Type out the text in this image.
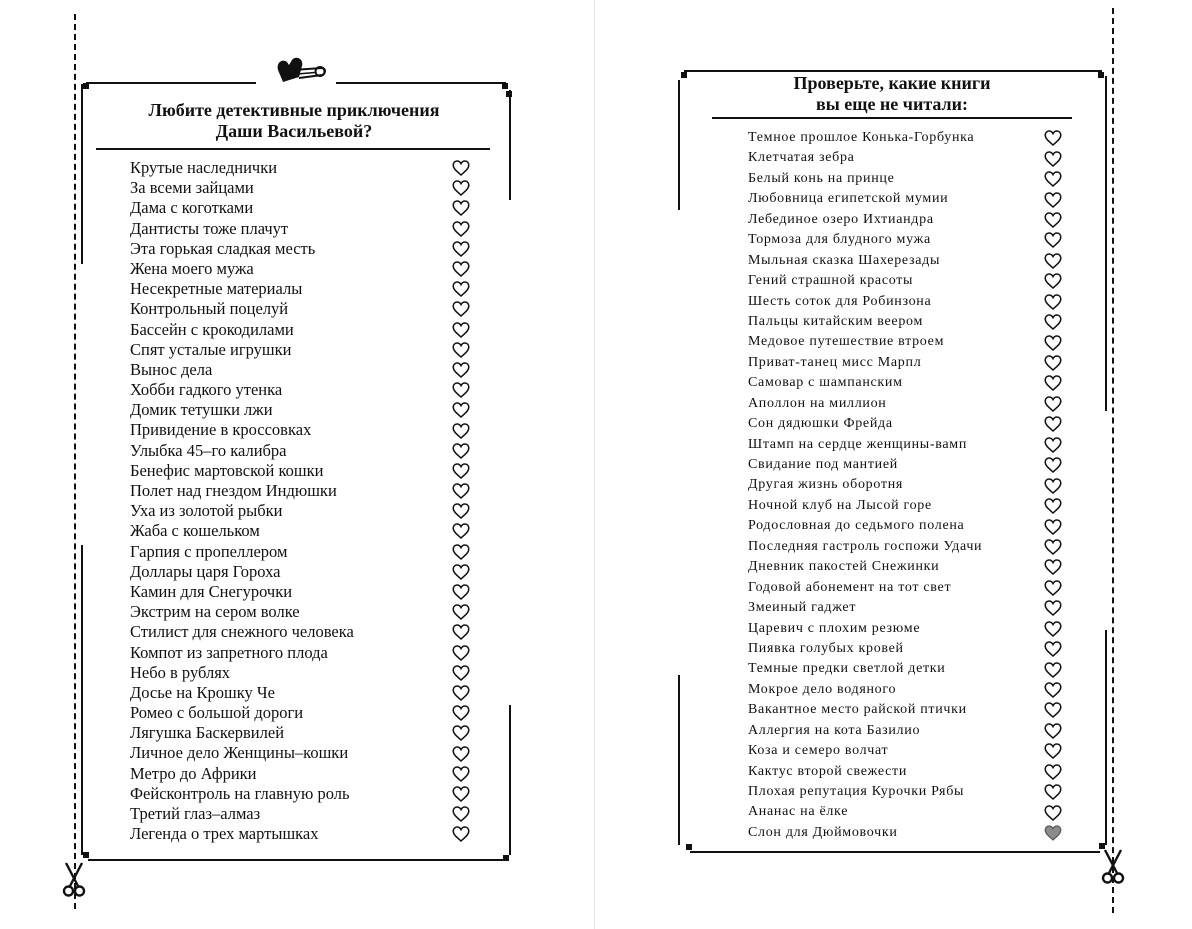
Любите детективные приключения
Даши Васильевой?
Крутые наследнички
За всеми зайцами
Дама с коготками
Дантисты тоже плачут
Эта горькая сладкая месть
Жена моего мужа
Несекретные материалы
Контрольный поцелуй
Бассейн с крокодилами
Спят усталые игрушки
Вынос дела
Хобби гадкого утенка
Домик тетушки лжи
Привидение в кроссовках
Улыбка 45–го калибра
Бенефис мартовской кошки
Полет над гнездом Индюшки
Уха из золотой рыбки
Жаба с кошельком
Гарпия с пропеллером
Доллары царя Гороха
Камин для Снегурочки
Экстрим на сером волке
Стилист для снежного человека
Компот из запретного плода
Небо в рублях
Досье на Крошку Че
Ромео с большой дороги
Лягушка Баскервилей
Личное дело Женщины–кошки
Метро до Африки
Фейсконтроль на главную роль
Третий глаз–алмаз
Легенда о трех мартышках
Проверьте, какие книги
вы еще не читали:
Темное прошлое Конька-Горбунка
Клетчатая зебра
Белый конь на принце
Любовница египетской мумии
Лебединое озеро Ихтиандра
Тормоза для блудного мужа
Мыльная сказка Шахерезады
Гений страшной красоты
Шесть соток для Робинзона
Пальцы китайским веером
Медовое путешествие втроем
Приват-танец мисс Марпл
Самовар с шампанским
Аполлон на миллион
Сон дядюшки Фрейда
Штамп на сердце женщины-вамп
Свидание под мантией
Другая жизнь оборотня
Ночной клуб на Лысой горе
Родословная до седьмого полена
Последняя гастроль госпожи Удачи
Дневник пакостей Снежинки
Годовой абонемент на тот свет
Змеиный гаджет
Царевич с плохим резюме
Пиявка голубых кровей
Темные предки светлой детки
Мокрое дело водяного
Вакантное место райской птички
Аллергия на кота Базилио
Коза и семеро волчат
Кактус второй свежести
Плохая репутация Курочки Рябы
Ананас на ёлке
Слон для Дюймовочки
